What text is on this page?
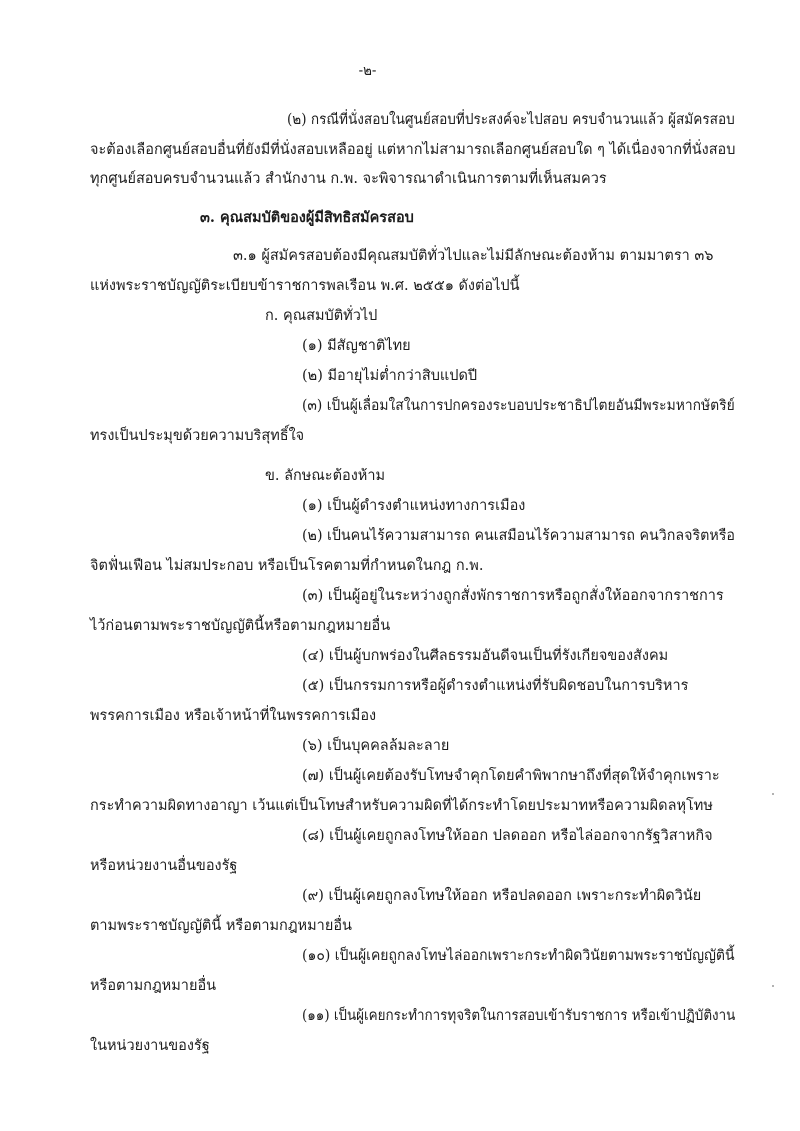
-๒-
(๒) กรณีที่นั่งสอบในศูนย์สอบที่ประสงค์จะไปสอบ ครบจำนวนแล้ว ผู้สมัครสอบ
จะต้องเลือกศูนย์สอบอื่นที่ยังมีที่นั่งสอบเหลืออยู่ แต่หากไม่สามารถเลือกศูนย์สอบใด ๆ ได้เนื่องจากที่นั่งสอบ
ทุกศูนย์สอบครบจำนวนแล้ว สำนักงาน ก.พ. จะพิจารณาดำเนินการตามที่เห็นสมควร
๓. คุณสมบัติของผู้มีสิทธิสมัครสอบ
๓.๑ ผู้สมัครสอบต้องมีคุณสมบัติทั่วไปและไม่มีลักษณะต้องห้าม ตามมาตรา ๓๖
แห่งพระราชบัญญัติระเบียบข้าราชการพลเรือน พ.ศ. ๒๕๕๑ ดังต่อไปนี้
ก. คุณสมบัติทั่วไป
(๑) มีสัญชาติไทย
(๒) มีอายุไม่ต่ำกว่าสิบแปดปี
(๓) เป็นผู้เลื่อมใสในการปกครองระบอบประชาธิปไตยอันมีพระมหากษัตริย์
ทรงเป็นประมุขด้วยความบริสุทธิ์ใจ
ข. ลักษณะต้องห้าม
(๑) เป็นผู้ดำรงตำแหน่งทางการเมือง
(๒) เป็นคนไร้ความสามารถ คนเสมือนไร้ความสามารถ คนวิกลจริตหรือ
จิตฟั่นเฟือน ไม่สมประกอบ หรือเป็นโรคตามที่กำหนดในกฎ ก.พ.
(๓) เป็นผู้อยู่ในระหว่างถูกสั่งพักราชการหรือถูกสั่งให้ออกจากราชการ
ไว้ก่อนตามพระราชบัญญัตินี้หรือตามกฎหมายอื่น
(๔) เป็นผู้บกพร่องในศีลธรรมอันดีจนเป็นที่รังเกียจของสังคม
(๕) เป็นกรรมการหรือผู้ดำรงตำแหน่งที่รับผิดชอบในการบริหาร
พรรคการเมือง หรือเจ้าหน้าที่ในพรรคการเมือง
(๖) เป็นบุคคลล้มละลาย
(๗) เป็นผู้เคยต้องรับโทษจำคุกโดยคำพิพากษาถึงที่สุดให้จำคุกเพราะ
กระทำความผิดทางอาญา เว้นแต่เป็นโทษสำหรับความผิดที่ได้กระทำโดยประมาทหรือความผิดลหุโทษ
(๘) เป็นผู้เคยถูกลงโทษให้ออก ปลดออก หรือไล่ออกจากรัฐวิสาหกิจ
หรือหน่วยงานอื่นของรัฐ
(๙) เป็นผู้เคยถูกลงโทษให้ออก หรือปลดออก เพราะกระทำผิดวินัย
ตามพระราชบัญญัตินี้ หรือตามกฎหมายอื่น
(๑๐) เป็นผู้เคยถูกลงโทษไล่ออกเพราะกระทำผิดวินัยตามพระราชบัญญัตินี้
หรือตามกฎหมายอื่น
(๑๑) เป็นผู้เคยกระทำการทุจริตในการสอบเข้ารับราชการ หรือเข้าปฏิบัติงาน
ในหน่วยงานของรัฐ
